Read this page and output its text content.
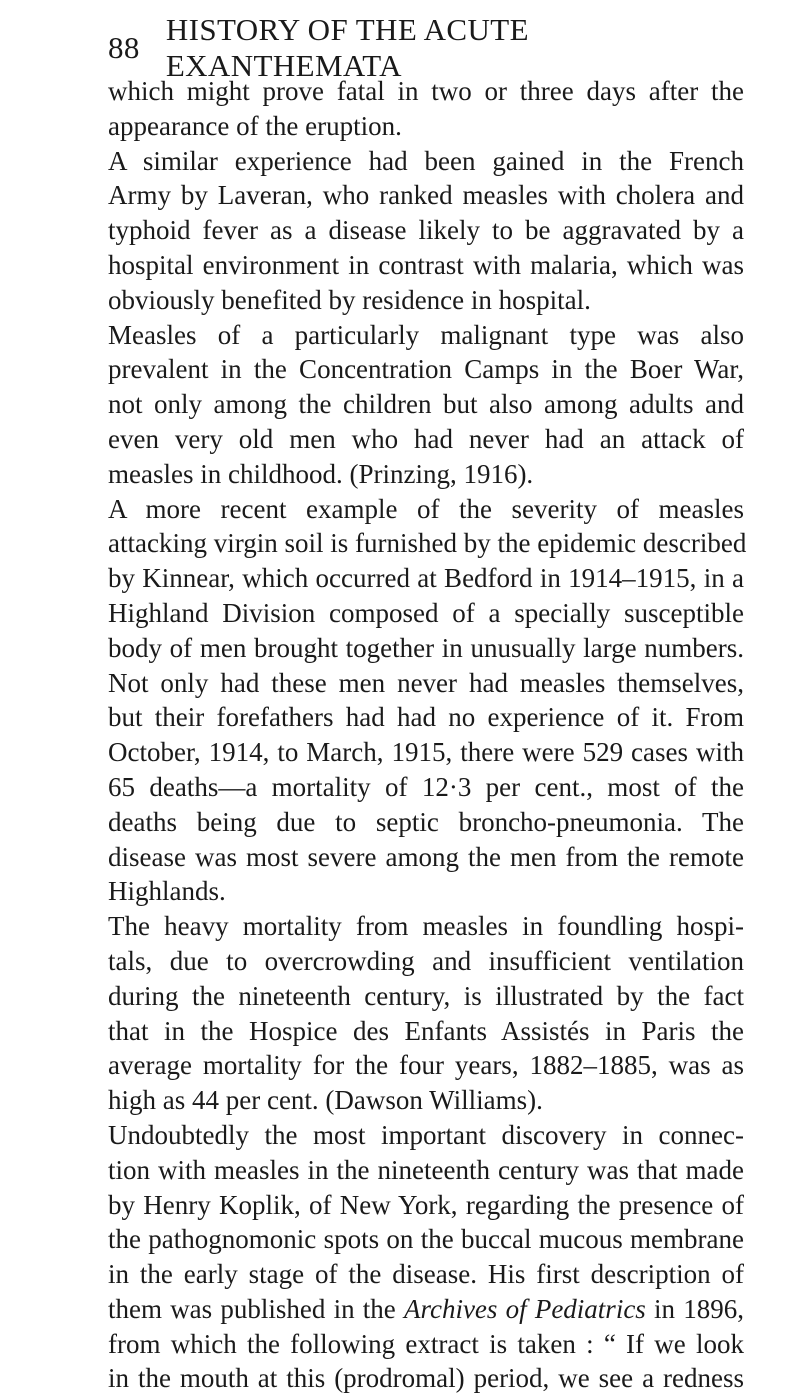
88
HISTORY OF THE ACUTE EXANTHEMATA
which might prove fatal in two or three days after the
appearance of the eruption.
A similar experience had been gained in the French
Army by Laveran, who ranked measles with cholera and
typhoid fever as a disease likely to be aggravated by a
hospital environment in contrast with malaria, which was
obviously benefited by residence in hospital.
Measles of a particularly malignant type was also
prevalent in the Concentration Camps in the Boer War,
not only among the children but also among adults and
even very old men who had never had an attack of
measles in childhood. (Prinzing, 1916).
A more recent example of the severity of measles
attacking virgin soil is furnished by the epidemic described
by Kinnear, which occurred at Bedford in 1914–1915, in a
Highland Division composed of a specially susceptible
body of men brought together in unusually large numbers.
Not only had these men never had measles themselves,
but their forefathers had had no experience of it. From
October, 1914, to March, 1915, there were 529 cases with
65 deaths—a mortality of 12·3 per cent., most of the
deaths being due to septic broncho-pneumonia. The
disease was most severe among the men from the remote
Highlands.
The heavy mortality from measles in foundling hospi-
tals, due to overcrowding and insufficient ventilation
during the nineteenth century, is illustrated by the fact
that in the Hospice des Enfants Assistés in Paris the
average mortality for the four years, 1882–1885, was as
high as 44 per cent. (Dawson Williams).
Undoubtedly the most important discovery in connec-
tion with measles in the nineteenth century was that made
by Henry Koplik, of New York, regarding the presence of
the pathognomonic spots on the buccal mucous membrane
in the early stage of the disease. His first description of
them was published in the Archives of Pediatrics in 1896,
from which the following extract is taken : “ If we look
in the mouth at this (prodromal) period, we see a redness
